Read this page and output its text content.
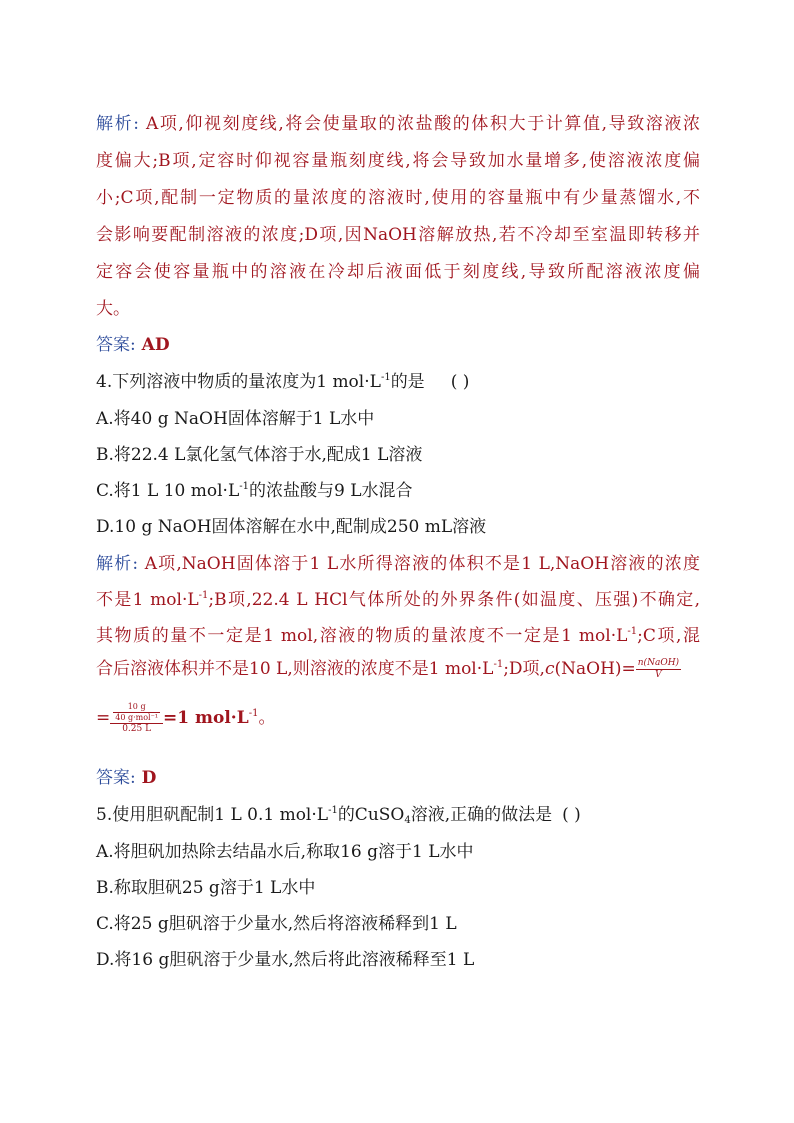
解析: A项,仰视刻度线,将会使量取的浓盐酸的体积大于计算值,导致溶液浓
度偏大;B项,定容时仰视容量瓶刻度线,将会导致加水量增多,使溶液浓度偏
小;C项,配制一定物质的量浓度的溶液时,使用的容量瓶中有少量蒸馏水,不
会影响要配制溶液的浓度;D项,因NaOH溶解放热,若不冷却至室温即转移并
定容会使容量瓶中的溶液在冷却后液面低于刻度线,导致所配溶液浓度偏
大。
答案: AD
4.下列溶液中物质的量浓度为1 $mol\cdot L^{-1}$的是 ( )
A.将40 g NaOH固体溶解于1 L水中
B.将22.4 L氯化氢气体溶于水,配成1 L溶液
C.将1 L 10 $mol\cdot L^{-1}$的浓盐酸与9 L水混合
D.10 g NaOH固体溶解在水中,配制成250 mL溶液
解析: A项,NaOH固体溶于1 L水所得溶液的体积不是1 L,NaOH溶液的浓度
不是1 $mol\cdot L^{-1};B$项,22.4 L HCl气体所处的外界条件(如温度、压强)不确定,
其物质的量不一定是1 mol,溶液的物质的量浓度不一定是1 $mol\cdot L^{-1};C$项,混
合后溶液体积并不是10 L,则溶液的浓度不是1 $mol\cdot L^{-1};D$项,c(NaOH)= $\frac{\text{n(NaOH)}}{V}$
= $\frac{\frac{10 g}{\text{40 g·mol⁻¹}}}{0.25 L} =1$ $mol\cdot L^{-1}$。
答案: D
5.使用胆矾配制1 L 0.1 $mol\cdot L^{-1}$的CuSO$_4$溶液,正确的做法是 ( )
A.将胆矾加热除去结晶水后,称取16 g溶于1 L水中
B.称取胆矾25 g溶于1 L水中
C.将25 g胆矾溶于少量水,然后将溶液稀释到1 L
D.将16 g胆矾溶于少量水,然后将此溶液稀释至1 L
